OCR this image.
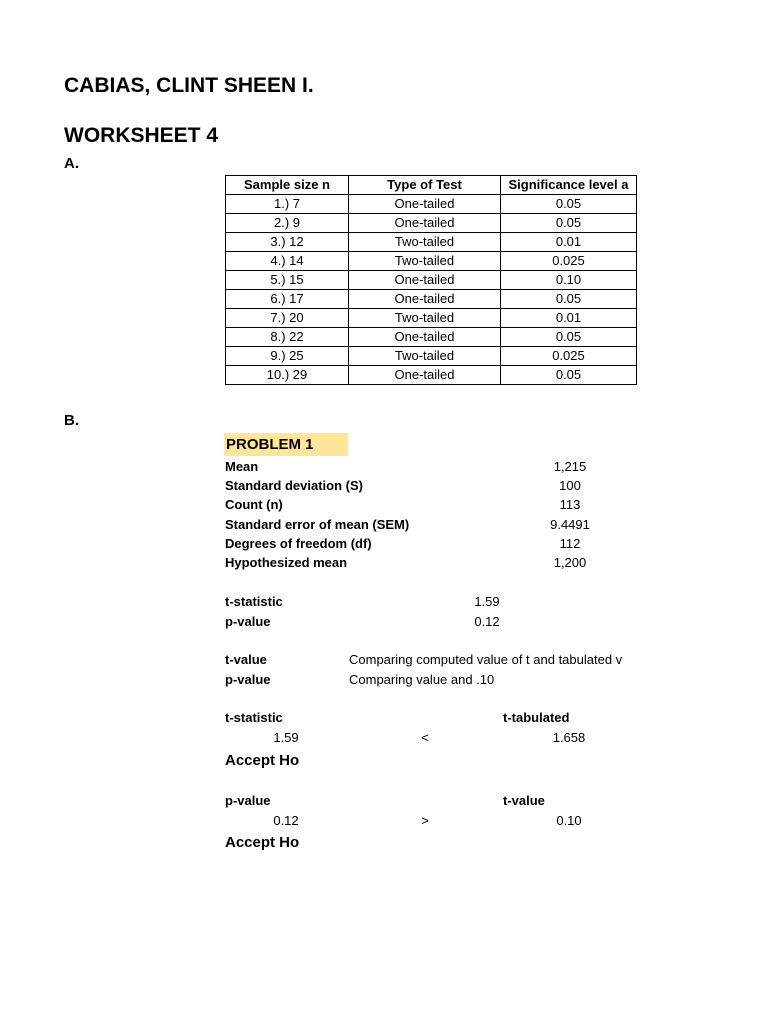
CABIAS, CLINT SHEEN I.
WORKSHEET 4
A.
Sample size n	Type of Test	Significance level a
1.) 7	One-tailed	0.05
2.) 9	One-tailed	0.05
3.) 12	Two-tailed	0.01
4.) 14	Two-tailed	0.025
5.) 15	One-tailed	0.10
6.) 17	One-tailed	0.05
7.) 20	Two-tailed	0.01
8.) 22	One-tailed	0.05
9.) 25	Two-tailed	0.025
10.) 29	One-tailed	0.05
B.
PROBLEM 1
Mean	1,215
Standard deviation (S)	100
Count (n)	113
Standard error of mean (SEM)	9.4491
Degrees of freedom (df)	112
Hypothesized mean	1,200
t-statistic	1.59
p-value	0.12
t-value	Comparing computed value of t and tabulated v
p-value	Comparing value and .10
t-statistic	t-tabulated
1.59	<	1.658
Accept Ho
p-value	t-value
0.12	>	0.10
Accept Ho
